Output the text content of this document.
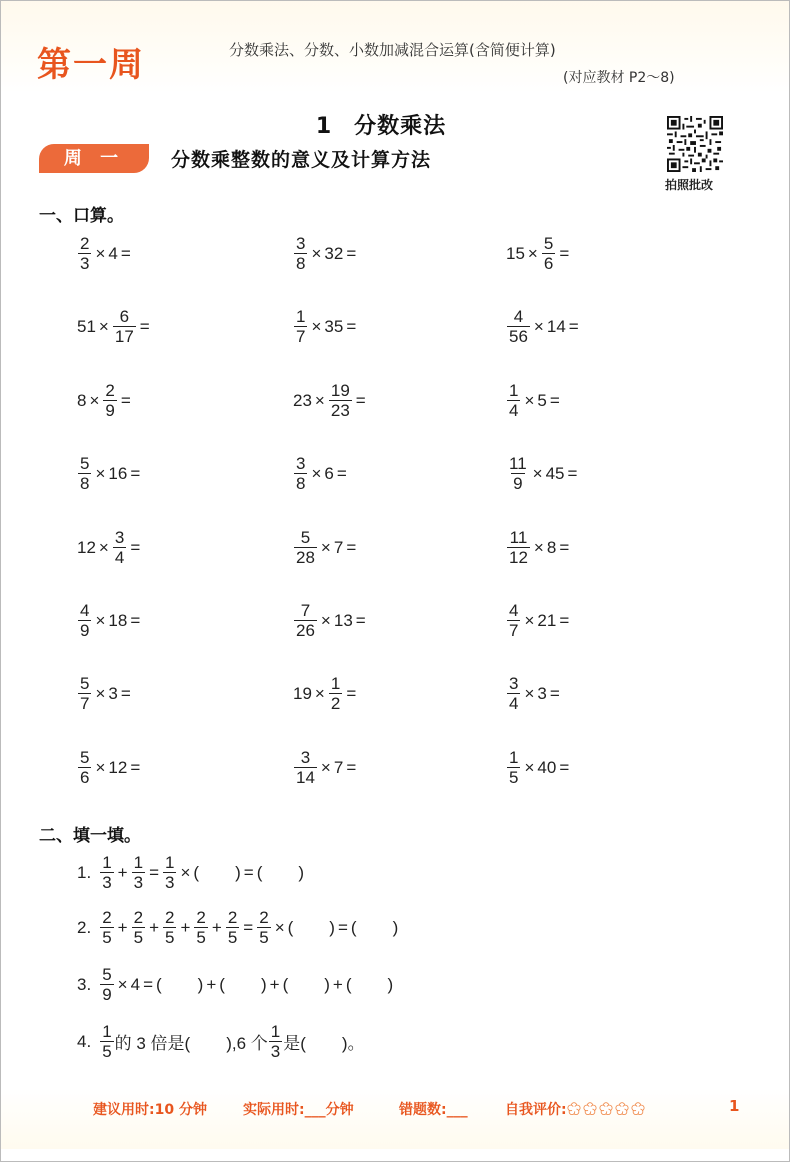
第一周	分数乘法、分数、小数加减混合运算(含简便计算)
(对应教材 P2～8)
1 分数乘法
周 一	分数乘整数的意义及计算方法
拍照批改
一、口算。
$\frac{2}{3} \times 4$ =	$\frac{3}{8} \times 32$ =	$15 \times \frac{5}{6}$ =
$51 \times \frac{6}{17}$ =	$\frac{1}{7} \times 35$ =	$\frac{4}{56} \times 14$ =
$8 \times \frac{2}{9}$ =	$23 \times \frac{19}{23}$ =	$\frac{1}{4} \times 5$ =
$\frac{5}{8} \times 16$ =	$\frac{3}{8} \times 6$ =	$\frac{11}{9} \times 45$ =
$12 \times \frac{3}{4}$ =	$\frac{5}{28} \times 7$ =	$\frac{11}{12} \times 8$ =
$\frac{4}{9} \times 18$ =	$\frac{7}{26} \times 13$ =	$\frac{4}{7} \times 21$ =
$\frac{5}{7} \times 3$ =	$19 \times \frac{1}{2}$ =	$\frac{3}{4} \times 3$ =
$\frac{5}{6} \times 12$ =	$\frac{3}{14} \times 7$ =	$\frac{1}{5} \times 40$ =
二、填一填。
1. $\frac{1}{3} + \frac{1}{3} = \frac{1}{3}$ × ( ) = ( )
2. $\frac{2}{5} + \frac{2}{5} + \frac{2}{5} + \frac{2}{5} + \frac{2}{5} = \frac{2}{5}$ × ( ) = ( )
3. $\frac{5}{9} \times 4$ = ( ) + ( ) + ( ) + ( )
4. $\frac{1}{5}$ 的 3 倍是( ),6 个 $\frac{1}{3}$ 是( )。
建议用时:10 分钟	实际用时:___分钟	错题数:___	自我评价:	1
